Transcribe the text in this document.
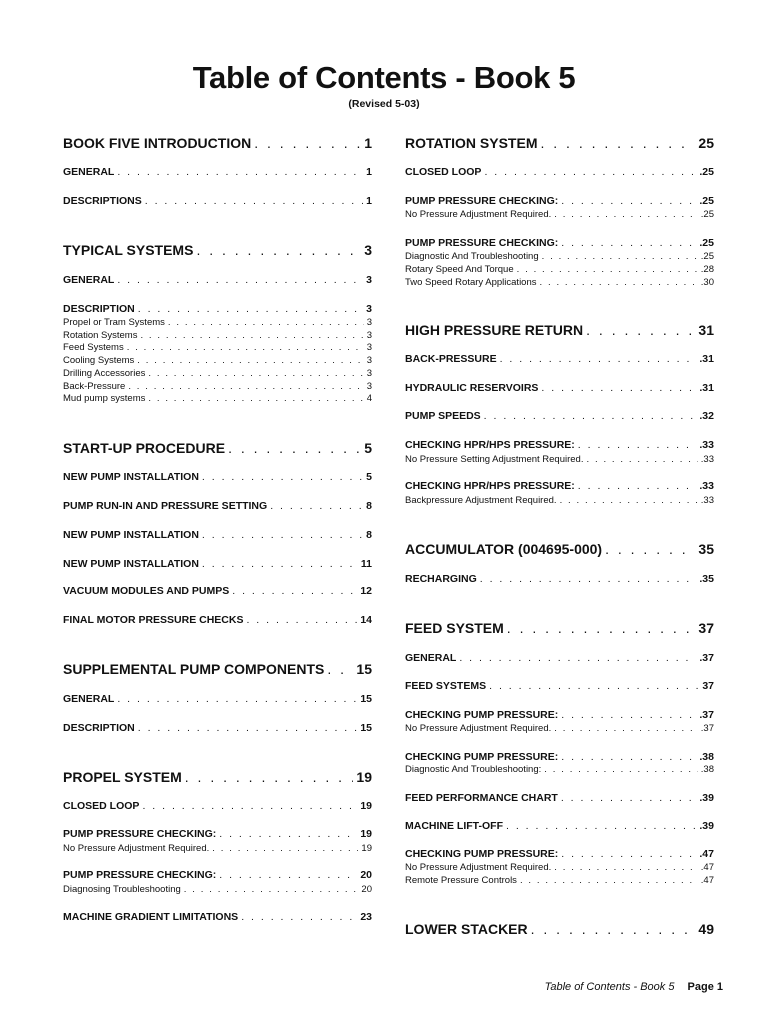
Table of Contents - Book 5
(Revised 5-03)
BOOK FIVE INTRODUCTION . . .	1
GENERAL . . .	1
DESCRIPTIONS . . .	1
TYPICAL SYSTEMS . . .	3
GENERAL . . .	3
DESCRIPTION . . .	3
Propel or Tram Systems . . .	3
Rotation Systems . . .	3
Feed Systems . . .	3
Cooling Systems . . .	3
Drilling Accessories . . .	3
Back-Pressure . . .	3
Mud pump systems . . .	4
START-UP PROCEDURE . . .	5
NEW PUMP INSTALLATION . . .	5
PUMP RUN-IN AND PRESSURE SETTING . . .	8
NEW PUMP INSTALLATION . . .	8
NEW PUMP INSTALLATION . . .	11
VACUUM MODULES AND PUMPS . . .	12
FINAL MOTOR PRESSURE CHECKS . . .	14
SUPPLEMENTAL PUMP COMPONENTS . . . 15
GENERAL . . .	15
DESCRIPTION . . .	15
PROPEL SYSTEM . . .	19
CLOSED LOOP . . .	19
PUMP PRESSURE CHECKING: . . .	19
No Pressure Adjustment Required. . . .	19
PUMP PRESSURE CHECKING: . . .	20
Diagnosing Troubleshooting . . .	20
MACHINE GRADIENT LIMITATIONS . . .	23
ROTATION SYSTEM . . .	25
CLOSED LOOP . . .	.25
PUMP PRESSURE CHECKING: . . .	.25
No Pressure Adjustment Required. . . .	.25
PUMP PRESSURE CHECKING: . . .	.25
Diagnostic And Troubleshooting . . .	.25
Rotary Speed And Torque . . .	.28
Two Speed Rotary Applications . . .	.30
HIGH PRESSURE RETURN . . .	31
BACK-PRESSURE . . .	.31
HYDRAULIC RESERVOIRS . . .	.31
PUMP SPEEDS . . .	.32
CHECKING HPR/HPS PRESSURE: . . .	.33
No Pressure Setting Adjustment Required. . . .	.33
CHECKING HPR/HPS PRESSURE: . . .	.33
Backpressure Adjustment Required. . . .	.33
ACCUMULATOR (004695-000) . . .	35
RECHARGING . . .	.35
FEED SYSTEM . . .	37
GENERAL . . .	.37
FEED SYSTEMS . . .	37
CHECKING PUMP PRESSURE: . . .	.37
No Pressure Adjustment Required. . . .	.37
CHECKING PUMP PRESSURE: . . .	.38
Diagnostic And Troubleshooting: . . .	.38
FEED PERFORMANCE CHART . . .	.39
MACHINE LIFT-OFF . . .	.39
CHECKING PUMP PRESSURE: . . .	.47
No Pressure Adjustment Required. . . .	.47
Remote Pressure Controls . . .	.47
LOWER STACKER . . .	49
Table of Contents - Book 5 Page 1
